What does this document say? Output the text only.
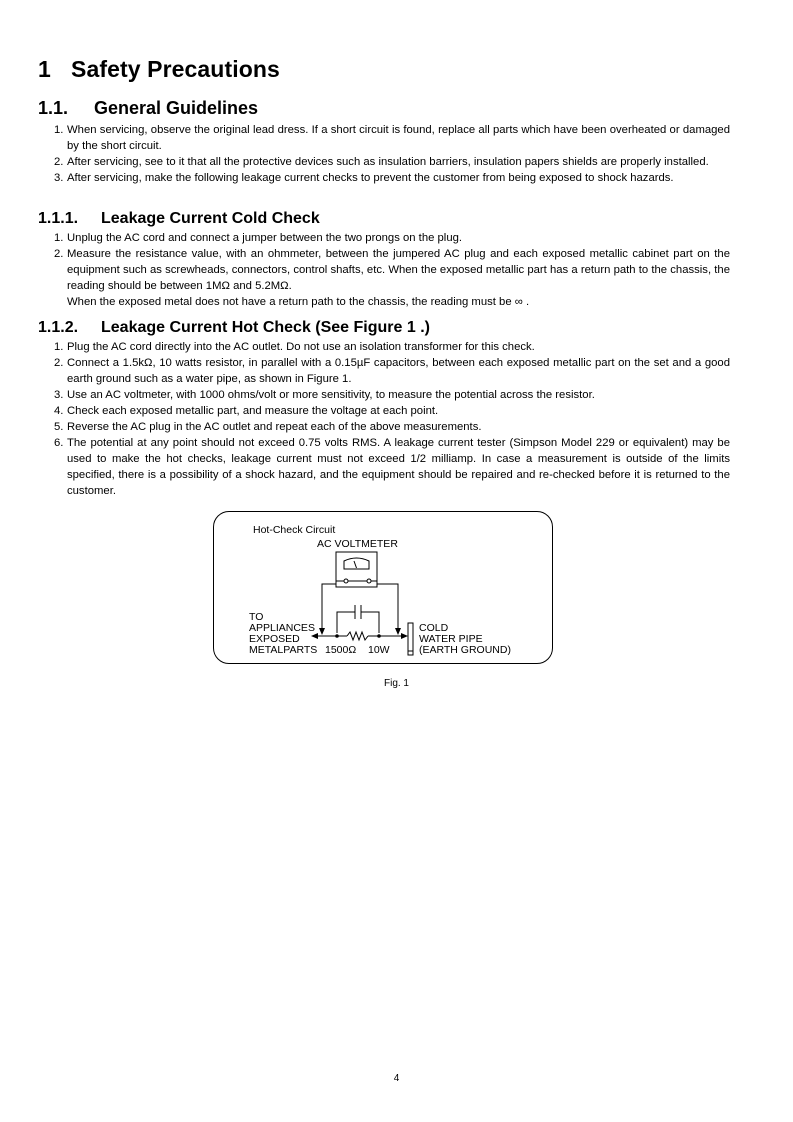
1 Safety Precautions
1.1. General Guidelines
1. When servicing, observe the original lead dress. If a short circuit is found, replace all parts which have been overheated or damaged by the short circuit.
2. After servicing, see to it that all the protective devices such as insulation barriers, insulation papers shields are properly installed.
3. After servicing, make the following leakage current checks to prevent the customer from being exposed to shock hazards.
1.1.1. Leakage Current Cold Check
1. Unplug the AC cord and connect a jumper between the two prongs on the plug.
2. Measure the resistance value, with an ohmmeter, between the jumpered AC plug and each exposed metallic cabinet part on the equipment such as screwheads, connectors, control shafts, etc. When the exposed metallic part has a return path to the chassis, the reading should be between 1MΩ and 5.2MΩ.
When the exposed metal does not have a return path to the chassis, the reading must be ∞ .
1.1.2. Leakage Current Hot Check (See Figure 1 .)
1. Plug the AC cord directly into the AC outlet. Do not use an isolation transformer for this check.
2. Connect a 1.5kΩ, 10 watts resistor, in parallel with a 0.15µF capacitors, between each exposed metallic part on the set and a good earth ground such as a water pipe, as shown in Figure 1.
3. Use an AC voltmeter, with 1000 ohms/volt or more sensitivity, to measure the potential across the resistor.
4. Check each exposed metallic part, and measure the voltage at each point.
5. Reverse the AC plug in the AC outlet and repeat each of the above measurements.
6. The potential at any point should not exceed 0.75 volts RMS. A leakage current tester (Simpson Model 229 or equivalent) may be used to make the hot checks, leakage current must not exceed 1/2 milliamp. In case a measurement is outside of the limits specified, there is a possibility of a shock hazard, and the equipment should be repaired and re-checked before it is returned to the customer.
Hot-Check Circuit
AC VOLTMETER
TO
APPLIANCES
EXPOSED
METALPARTS 1500Ω 10W
COLD
WATER PIPE
(EARTH GROUND)
Fig. 1
4
